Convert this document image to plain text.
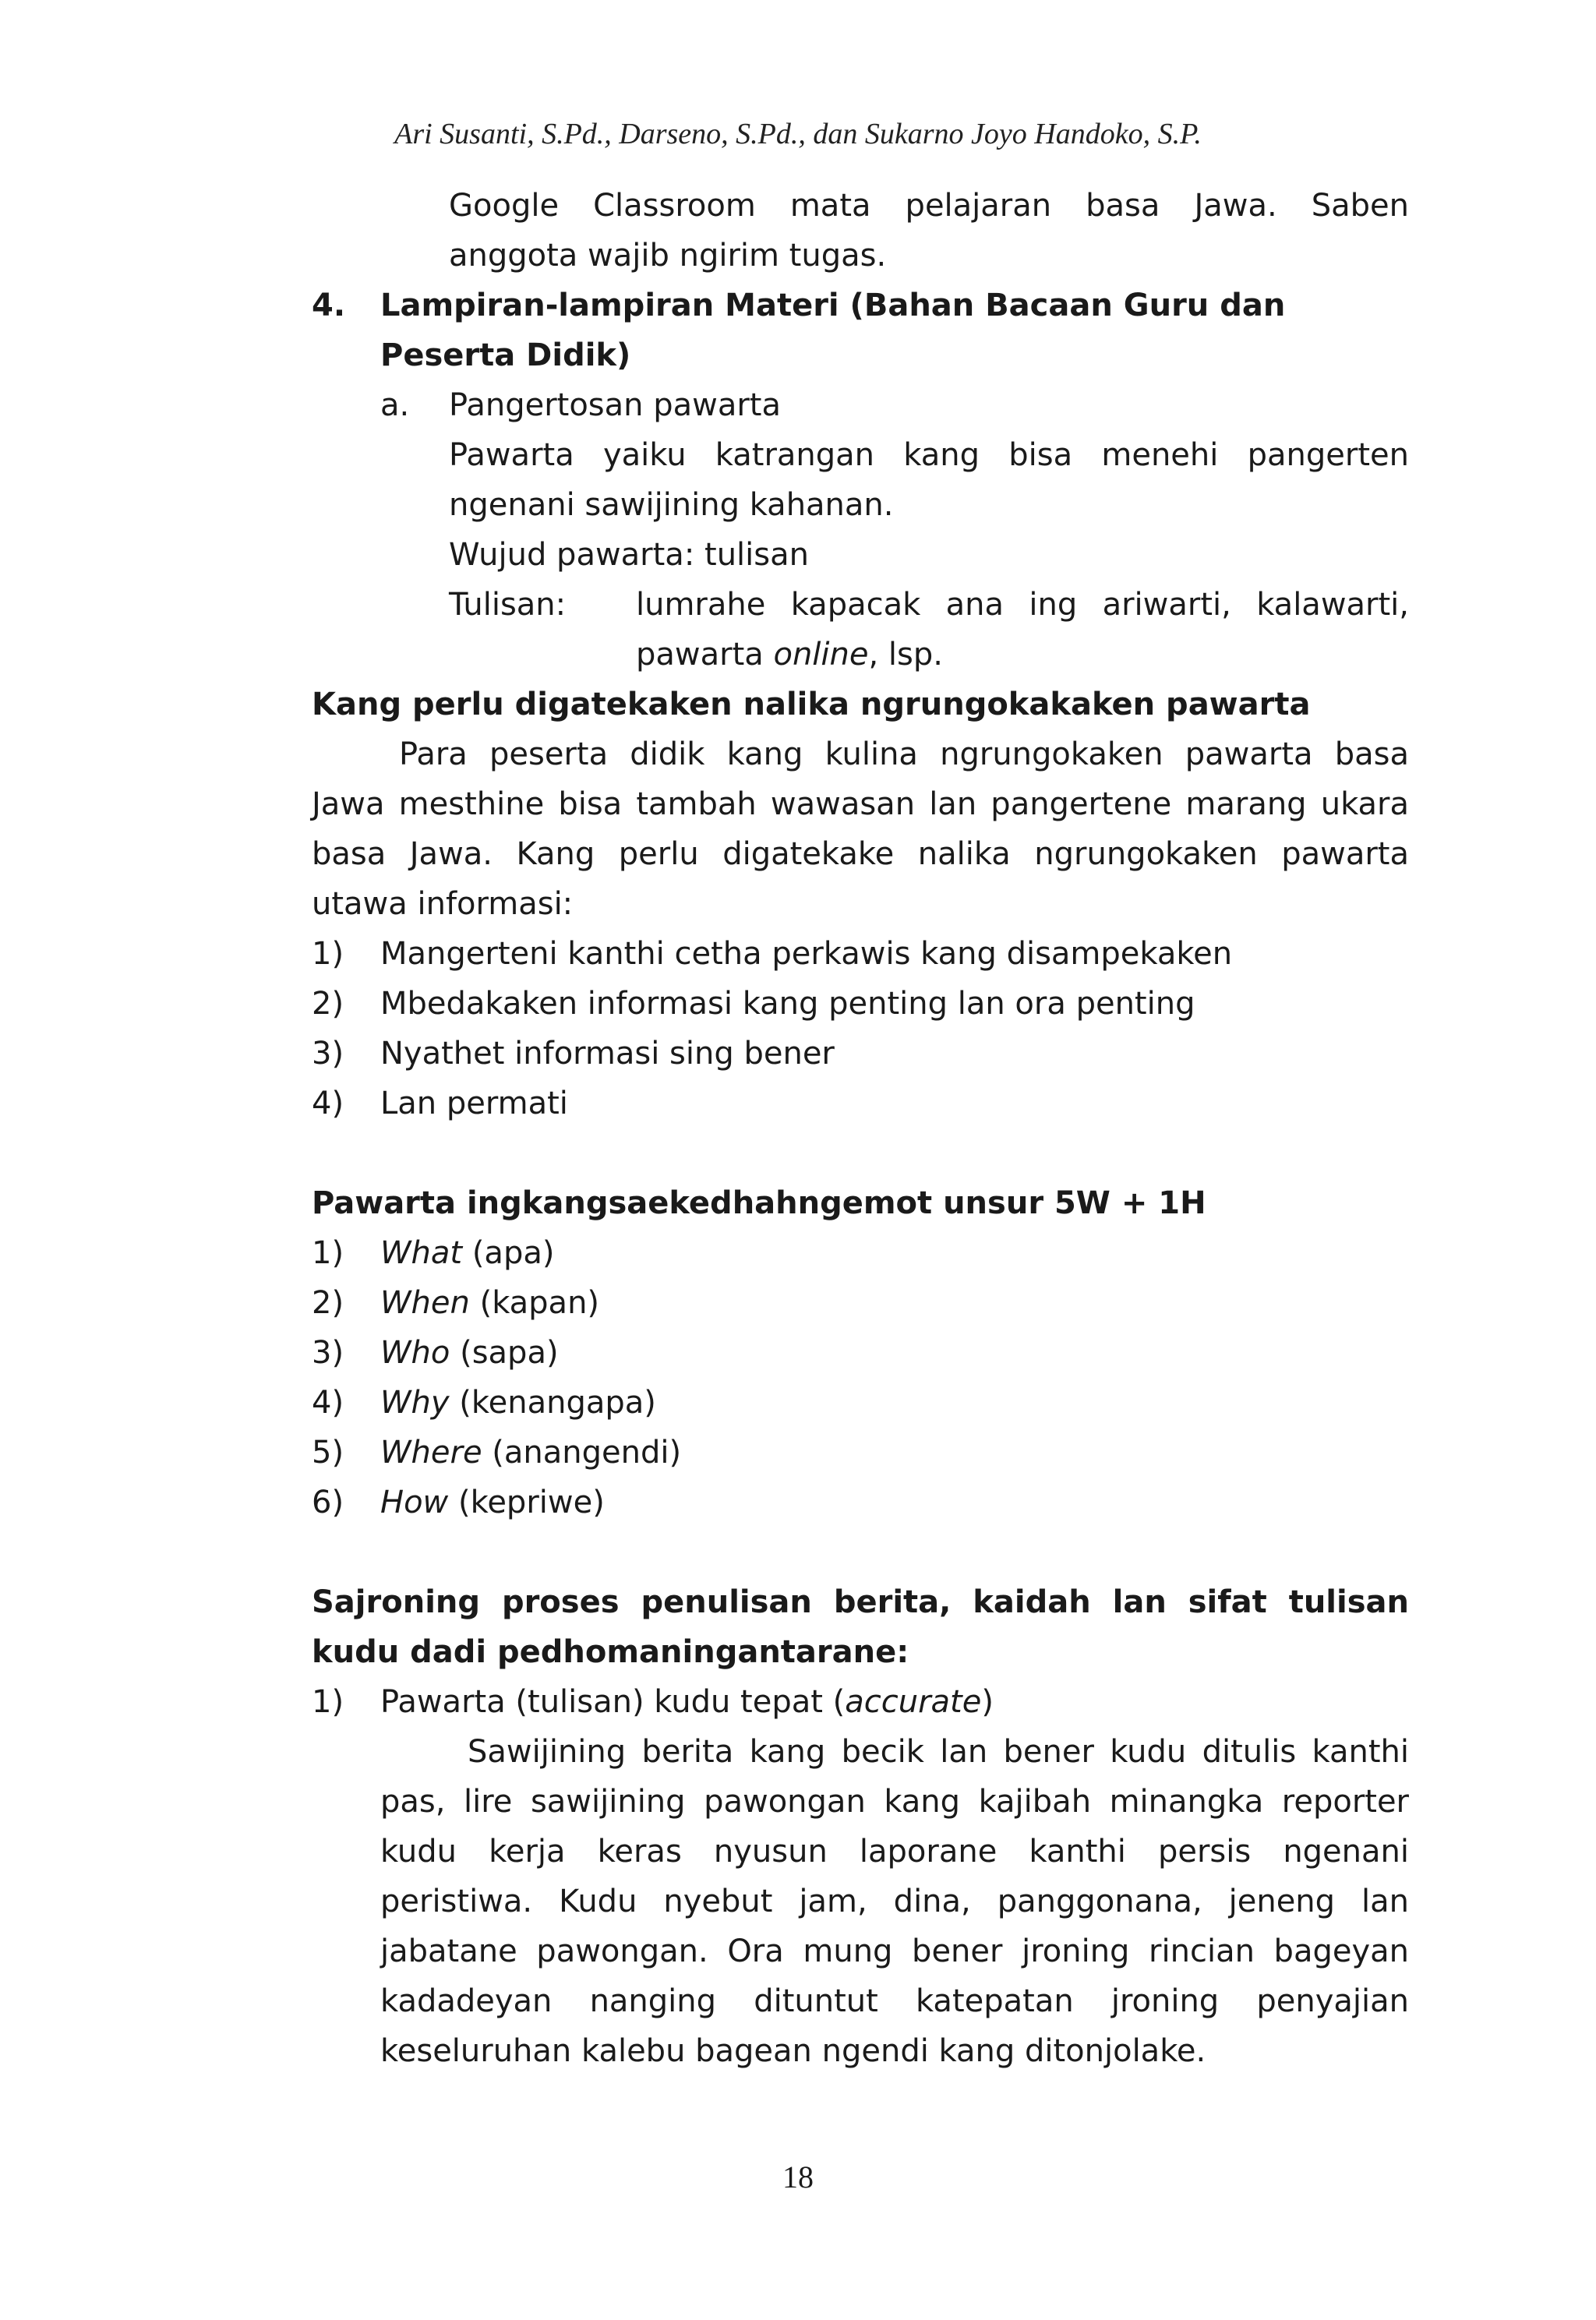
Ari Susanti, S.Pd., Darseno, S.Pd., dan Sukarno Joyo Handoko, S.P.
Google Classroom mata pelajaran basa Jawa. Saben
anggota wajib ngirim tugas.
4.	Lampiran-lampiran Materi (Bahan Bacaan Guru dan
Peserta Didik)
a.	Pangertosan pawarta
Pawarta yaiku katrangan kang bisa menehi pangerten
ngenani sawijining kahanan.
Wujud pawarta: tulisan
Tulisan:	lumrahe kapacak ana ing ariwarti, kalawarti,
pawarta online, lsp.
Kang perlu digatekaken nalika ngrungokakaken pawarta
Para peserta didik kang kulina ngrungokaken pawarta basa
Jawa mesthine bisa tambah wawasan lan pangertene marang ukara
basa Jawa. Kang perlu digatekake nalika ngrungokaken pawarta
utawa informasi:
1)	Mangerteni kanthi cetha perkawis kang disampekaken
2)	Mbedakaken informasi kang penting lan ora penting
3)	Nyathet informasi sing bener
4)	Lan permati
Pawarta ingkangsaekedhahngemot unsur 5W + 1H
1)	What (apa)
2)	When (kapan)
3)	Who (sapa)
4)	Why (kenangapa)
5)	Where (anangendi)
6)	How (kepriwe)
Sajroning proses penulisan berita, kaidah lan sifat tulisan
kudu dadi pedhomaningantarane:
1)	Pawarta (tulisan) kudu tepat (accurate)
Sawijining berita kang becik lan bener kudu ditulis kanthi
pas, lire sawijining pawongan kang kajibah minangka reporter
kudu kerja keras nyusun laporane kanthi persis ngenani
peristiwa. Kudu nyebut jam, dina, panggonana, jeneng lan
jabatane pawongan. Ora mung bener jroning rincian bageyan
kadadeyan nanging dituntut katepatan jroning penyajian
keseluruhan kalebu bagean ngendi kang ditonjolake.
18
